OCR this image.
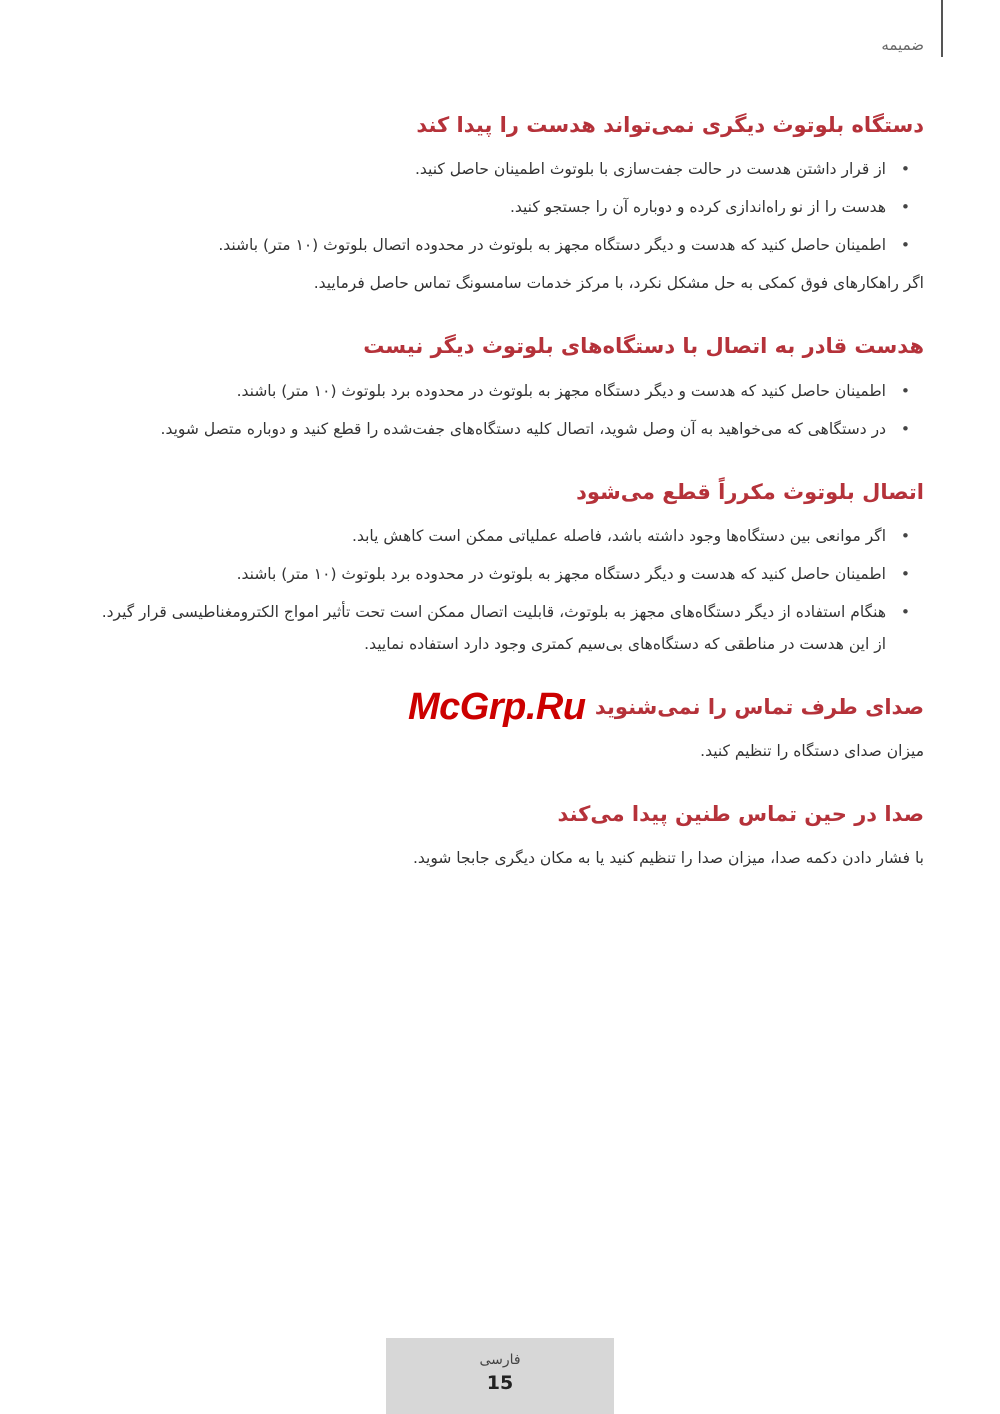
ضمیمه
دستگاه بلوتوث دیگری نمی‌تواند هدست را پیدا کند
•
از قرار داشتن هدست در حالت جفت‌سازی با بلوتوث اطمینان حاصل کنید.
•
هدست را از نو راه‌اندازی کرده و دوباره آن را جستجو کنید.
•
اطمینان حاصل کنید که هدست و دیگر دستگاه مجهز به بلوتوث در محدوده اتصال بلوتوث (۱۰ متر) باشند.

اگر راهکارهای فوق کمکی به حل مشکل نکرد، با مرکز خدمات سامسونگ تماس حاصل فرمایید.

هدست قادر به اتصال با دستگاه‌های بلوتوث دیگر نیست
•
اطمینان حاصل کنید که هدست و دیگر دستگاه مجهز به بلوتوث در محدوده برد بلوتوث (۱۰ متر) باشند.
•
در دستگاهی که می‌خواهید به آن وصل شوید، اتصال کلیه دستگاه‌های جفت‌شده را قطع کنید و دوباره متصل شوید.
اتصال بلوتوث مکرراً قطع می‌شود
•
اگر موانعی بین دستگاه‌ها وجود داشته باشد، فاصله عملیاتی ممکن است کاهش یابد.
•
اطمینان حاصل کنید که هدست و دیگر دستگاه مجهز به بلوتوث در محدوده برد بلوتوث (۱۰ متر) باشند.
•
هنگام استفاده از دیگر دستگاه‌های مجهز به بلوتوث، قابلیت اتصال ممکن است تحت تأثیر امواج الکترومغناطیسی قرار گیرد. از این هدست در مناطقی که دستگاه‌های بی‌سیم کمتری وجود دارد استفاده نمایید.
صدای طرف تماس را نمی‌شنوید

میزان صدای دستگاه را تنظیم کنید.

صدا در حین تماس طنین پیدا می‌کند

با فشار دادن دکمه صدا، میزان صدا را تنظیم کنید یا به مکان دیگری جابجا شوید.

McGrp.Ru
فارسی
15
